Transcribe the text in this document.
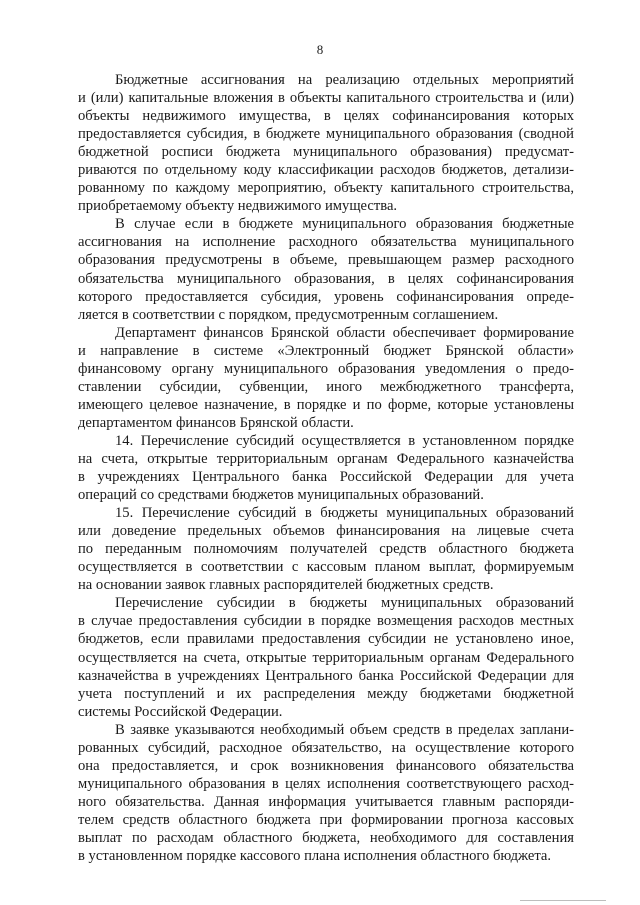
8
Бюджетные ассигнования на реализацию отдельных мероприятий
и (или) капитальные вложения в объекты капитального строительства и (или)
объекты недвижимого имущества, в целях софинансирования которых
предоставляется субсидия, в бюджете муниципального образования (сводной
бюджетной росписи бюджета муниципального образования) предусмат-
риваются по отдельному коду классификации расходов бюджетов, детализи-
рованному по каждому мероприятию, объекту капитального строительства,
приобретаемому объекту недвижимого имущества.
В случае если в бюджете муниципального образования бюджетные
ассигнования на исполнение расходного обязательства муниципального
образования предусмотрены в объеме, превышающем размер расходного
обязательства муниципального образования, в целях софинансирования
которого предоставляется субсидия, уровень софинансирования опреде-
ляется в соответствии с порядком, предусмотренным соглашением.
Департамент финансов Брянской области обеспечивает формирование
и направление в системе «Электронный бюджет Брянской области»
финансовому органу муниципального образования уведомления о предо-
ставлении субсидии, субвенции, иного межбюджетного трансферта,
имеющего целевое назначение, в порядке и по форме, которые установлены
департаментом финансов Брянской области.
14. Перечисление субсидий осуществляется в установленном порядке
на счета, открытые территориальным органам Федерального казначейства
в учреждениях Центрального банка Российской Федерации для учета
операций со средствами бюджетов муниципальных образований.
15. Перечисление субсидий в бюджеты муниципальных образований
или доведение предельных объемов финансирования на лицевые счета
по переданным полномочиям получателей средств областного бюджета
осуществляется в соответствии с кассовым планом выплат, формируемым
на основании заявок главных распорядителей бюджетных средств.
Перечисление субсидии в бюджеты муниципальных образований
в случае предоставления субсидии в порядке возмещения расходов местных
бюджетов, если правилами предоставления субсидии не установлено иное,
осуществляется на счета, открытые территориальным органам Федерального
казначейства в учреждениях Центрального банка Российской Федерации для
учета поступлений и их распределения между бюджетами бюджетной
системы Российской Федерации.
В заявке указываются необходимый объем средств в пределах заплани-
рованных субсидий, расходное обязательство, на осуществление которого
она предоставляется, и срок возникновения финансового обязательства
муниципального образования в целях исполнения соответствующего расход-
ного обязательства. Данная информация учитывается главным распоряди-
телем средств областного бюджета при формировании прогноза кассовых
выплат по расходам областного бюджета, необходимого для составления
в установленном порядке кассового плана исполнения областного бюджета.
